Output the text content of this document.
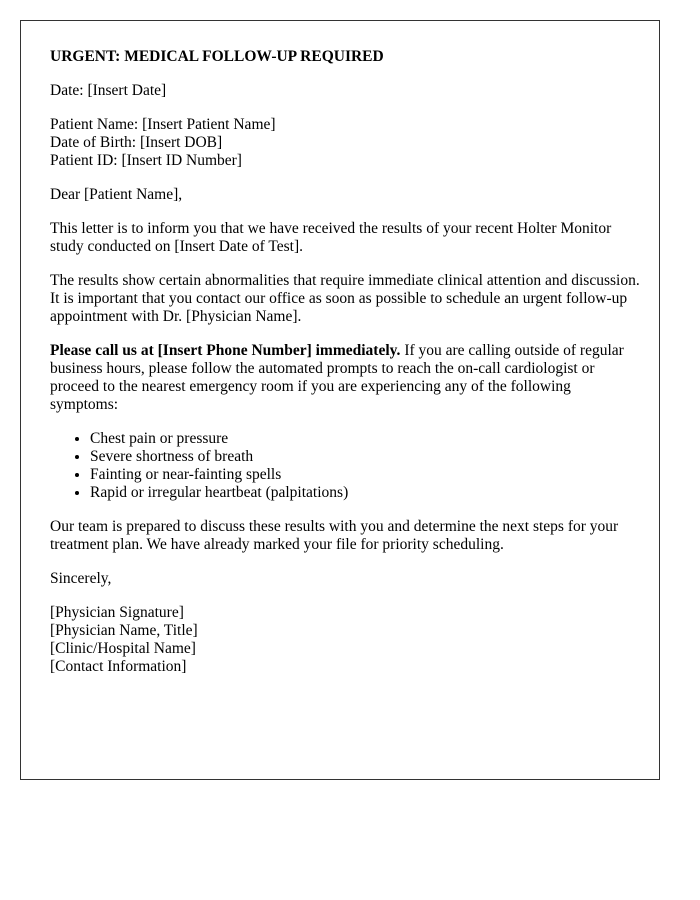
URGENT: MEDICAL FOLLOW-UP REQUIRED

Date: [Insert Date]

Patient Name: [Insert Patient Name]

Date of Birth: [Insert DOB]

Patient ID: [Insert ID Number]

Dear [Patient Name],

This letter is to inform you that we have received the results of your recent Holter Monitor study conducted on [Insert Date of Test].

The results show certain abnormalities that require immediate clinical attention and discussion. It is important that you contact our office as soon as possible to schedule an urgent follow-up appointment with Dr. [Physician Name].

Please call us at [Insert Phone Number] immediately. If you are calling outside of regular business hours, please follow the automated prompts to reach the on-call cardiologist or proceed to the nearest emergency room if you are experiencing any of the following symptoms:

• Chest pain or pressure
• Severe shortness of breath
• Fainting or near-fainting spells
• Rapid or irregular heartbeat (palpitations)

Our team is prepared to discuss these results with you and determine the next steps for your treatment plan. We have already marked your file for priority scheduling.

Sincerely,

[Physician Signature]

[Physician Name, Title]

[Clinic/Hospital Name]

[Contact Information]
